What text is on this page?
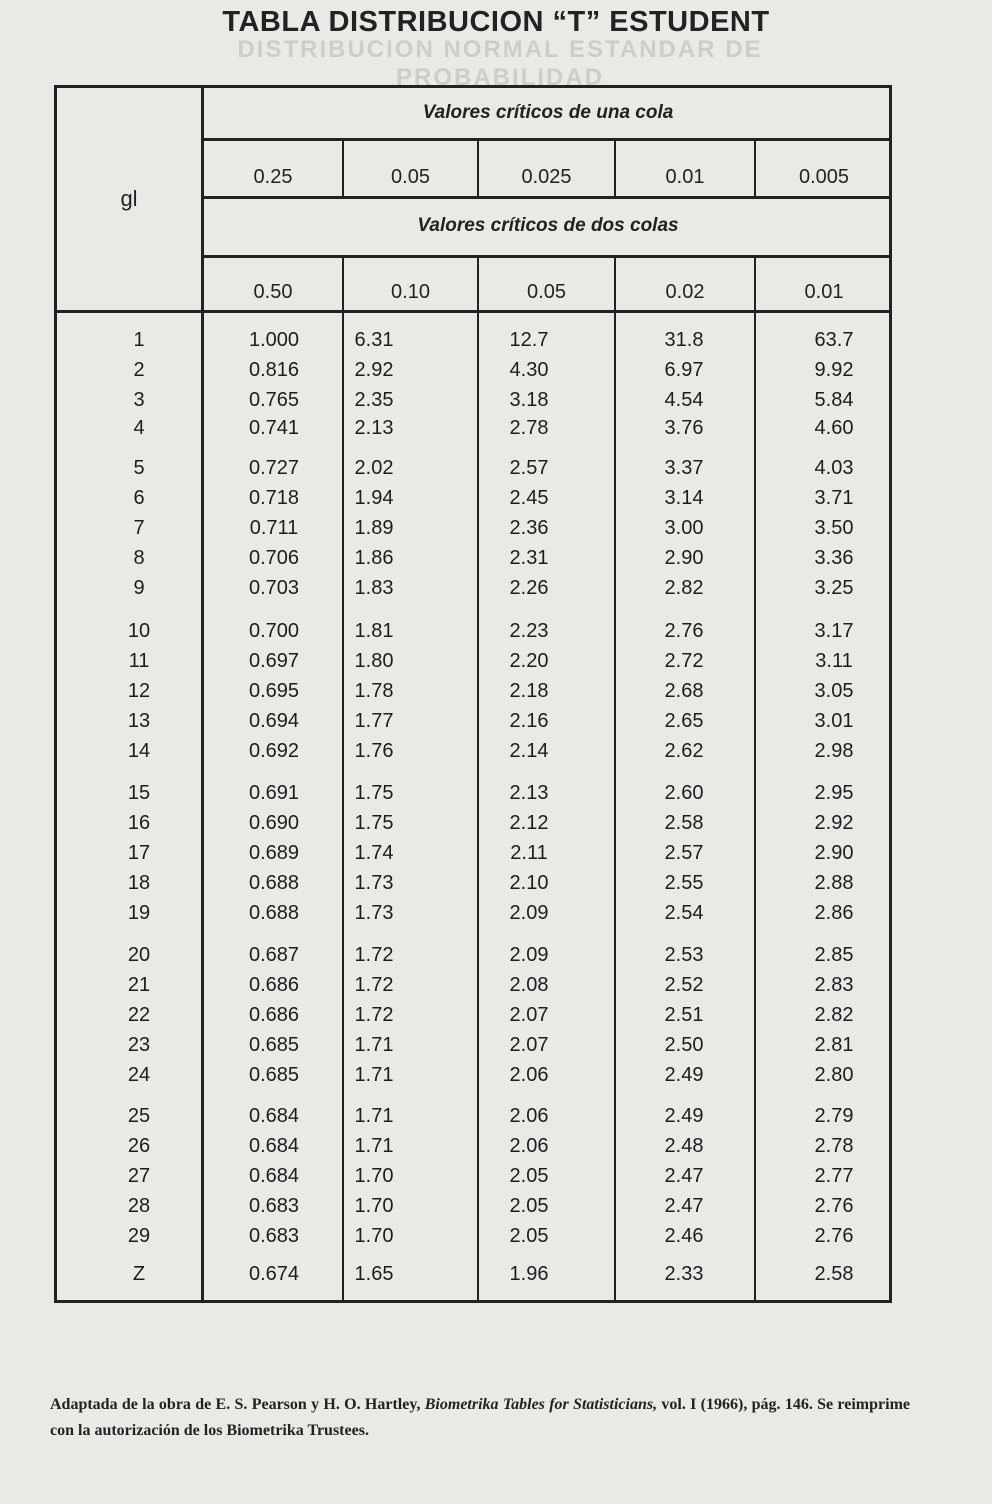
DISTRIBUCION NORMAL ESTANDAR DE PROBABILIDAD
TABLA DISTRIBUCION “T” ESTUDENT
gl
Valores críticos de una cola
Valores críticos de dos colas
0.25	0.05	0.025	0.01	0.005
0.50	0.10	0.05	0.02	0.01
1	1.000	6.31	12.7	31.8	63.7
2	0.816	2.92	4.30	6.97	9.92
3	0.765	2.35	3.18	4.54	5.84
4	0.741	2.13	2.78	3.76	4.60
5	0.727	2.02	2.57	3.37	4.03
6	0.718	1.94	2.45	3.14	3.71
7	0.711	1.89	2.36	3.00	3.50
8	0.706	1.86	2.31	2.90	3.36
9	0.703	1.83	2.26	2.82	3.25
10	0.700	1.81	2.23	2.76	3.17
11	0.697	1.80	2.20	2.72	3.11
12	0.695	1.78	2.18	2.68	3.05
13	0.694	1.77	2.16	2.65	3.01
14	0.692	1.76	2.14	2.62	2.98
15	0.691	1.75	2.13	2.60	2.95
16	0.690	1.75	2.12	2.58	2.92
17	0.689	1.74	2.11	2.57	2.90
18	0.688	1.73	2.10	2.55	2.88
19	0.688	1.73	2.09	2.54	2.86
20	0.687	1.72	2.09	2.53	2.85
21	0.686	1.72	2.08	2.52	2.83
22	0.686	1.72	2.07	2.51	2.82
23	0.685	1.71	2.07	2.50	2.81
24	0.685	1.71	2.06	2.49	2.80
25	0.684	1.71	2.06	2.49	2.79
26	0.684	1.71	2.06	2.48	2.78
27	0.684	1.70	2.05	2.47	2.77
28	0.683	1.70	2.05	2.47	2.76
29	0.683	1.70	2.05	2.46	2.76
Z	0.674	1.65	1.96	2.33	2.58
Adaptada de la obra de E. S. Pearson y H. O. Hartley, Biometrika Tables for Statisticians, vol. I (1966), pág. 146. Se reimprime con la autorización de los Biometrika Trustees.
